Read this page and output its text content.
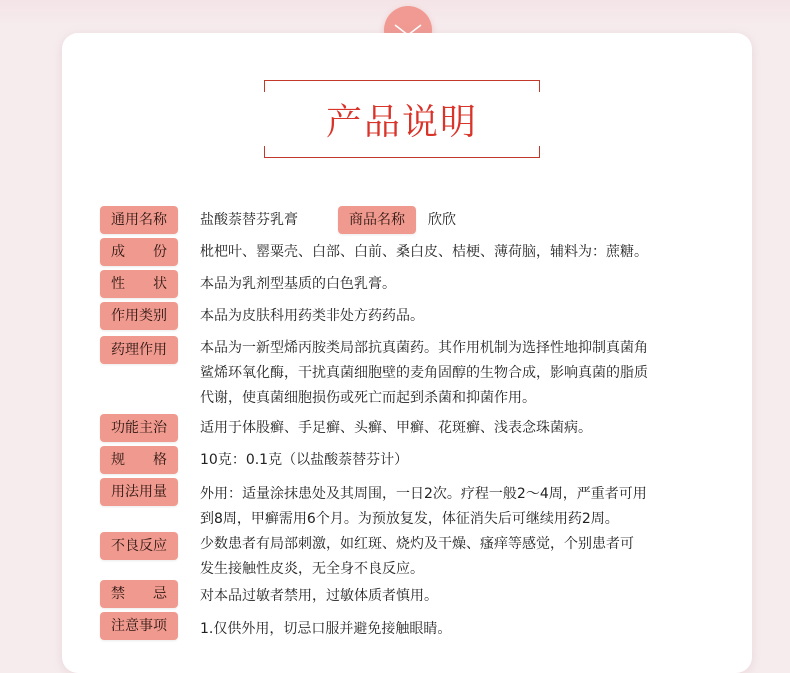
产品说明
通用名称	盐酸萘替芬乳膏	商品名称	欣欣
成　　份	枇杷叶、罂粟壳、白部、白前、桑白皮、桔梗、薄荷脑，辅料为：蔗糖。
性　　状	本品为乳剂型基质的白色乳膏。
作用类别	本品为皮肤科用药类非处方药药品。
药理作用	本品为一新型烯丙胺类局部抗真菌药。其作用机制为选择性地抑制真菌角
鲨烯环氧化酶，干扰真菌细胞壁的麦角固醇的生物合成，影响真菌的脂质
代谢，使真菌细胞损伤或死亡而起到杀菌和抑菌作用。
功能主治	适用于体股癣、手足癣、头癣、甲癣、花斑癣、浅表念珠菌病。
规　　格	10克：0.1克（以盐酸萘替芬计）
用法用量	外用：适量涂抹患处及其周围，一日2次。疗程一般2～4周，严重者可用
到8周，甲癣需用6个月。为预放复发，体征消失后可继续用药2周。
不良反应	少数患者有局部刺激，如红斑、烧灼及干燥、瘙痒等感觉，个别患者可
发生接触性皮炎，无全身不良反应。
禁　　忌	对本品过敏者禁用，过敏体质者慎用。
注意事项	1.仅供外用，切忌口服并避免接触眼睛。
